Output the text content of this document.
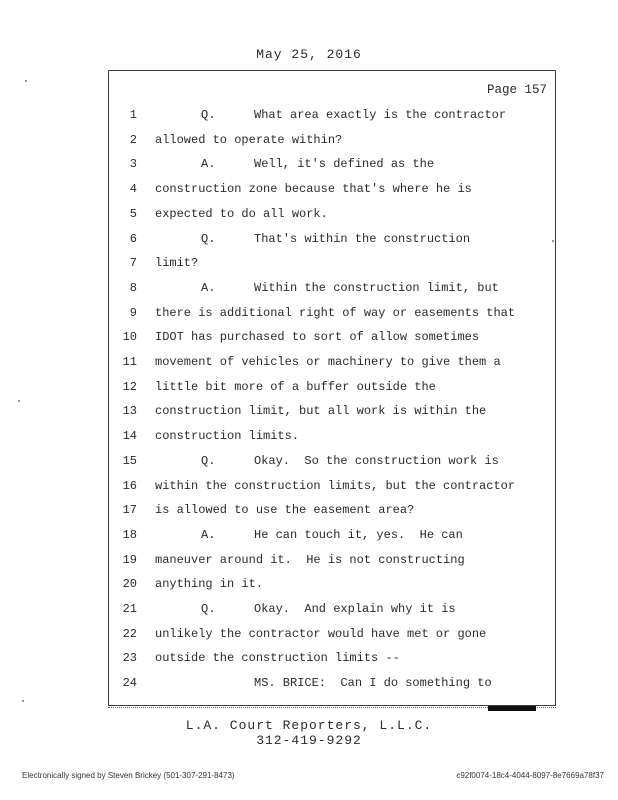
May 25, 2016
Page 157
1	Q.	What area exactly is the contractor
2 allowed to operate within?
3	A.	Well, it's defined as the
4 construction zone because that's where he is
5 expected to do all work.
6	Q.	That's within the construction
7 limit?
8	A.	Within the construction limit, but
9 there is additional right of way or easements that
10 IDOT has purchased to sort of allow sometimes
11 movement of vehicles or machinery to give them a
12 little bit more of a buffer outside the
13 construction limit, but all work is within the
14 construction limits.
15	Q.	Okay.  So the construction work is
16 within the construction limits, but the contractor
17 is allowed to use the easement area?
18	A.	He can touch it, yes.  He can
19 maneuver around it.  He is not constructing
20 anything in it.
21	Q.	Okay.  And explain why it is
22 unlikely the contractor would have met or gone
23 outside the construction limits --
24	MS. BRICE:  Can I do something to
L.A. Court Reporters, L.L.C.
312-419-9292
Electronically signed by Steven Brickey (501-307-291-8473)	c92f0074-18c4-4044-8097-8e7669a78f37
